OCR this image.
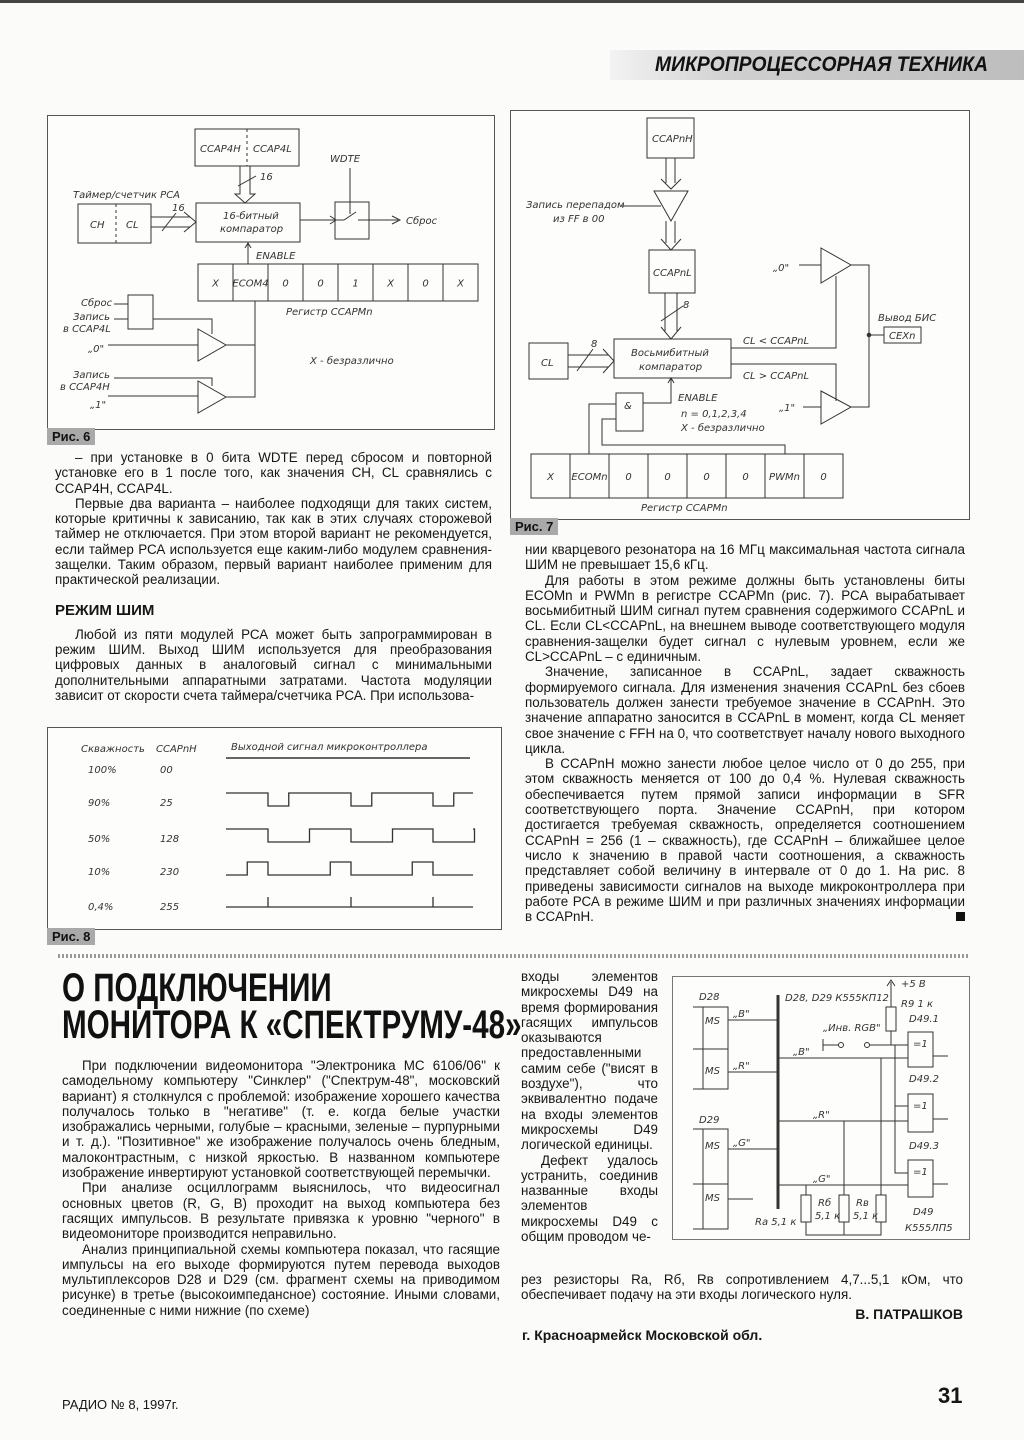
МИКРОПРОЦЕССОРНАЯ ТЕХНИКА
CCAP4H CCAP4L
16
WDTE
Таймер/счетчик РСА
CH CL
16
16-битный
компаратор
Сброс
ENABLE
X ECOM4 0	0	1	X	0	X
Регистр CCAPMn
Сброс
Запись
в CCAP4L
„0"
Запись
в CCAP4H
„1"
X - безразлично
Рис. 6
CCAPnH
Запись перепадом
из FF в 00
CCAPnL
8
CL
8
Восьмибитный
компаратор
CL < CCAPnL
CL > CCAPnL
„0"
„1"
Вывод БИС
CEXn
&
ENABLE
n = 0,1,2,3,4
X - безразлично
X ECOMn 0	0	0	0 PWMn 0
Регистр CCAPMn
Рис. 7

– при установке в 0 бита WDTE перед сбросом и повторной установке его в 1 после того, как значения CH, CL сравнялись с CCAP4H, CCAP4L.

Первые два варианта – наиболее подходящи для таких систем, которые критичны к зависанию, так как в этих случаях сторожевой таймер не отключается. При этом второй вариант не рекомендуется, если таймер РСА используется еще каким-либо модулем сравнения-защелки. Таким образом, первый вариант наиболее применим для практической реализации.

РЕЖИМ ШИМ

Любой из пяти модулей РСА может быть запрограммирован в режим ШИМ. Выход ШИМ используется для преобразования цифровых данных в аналоговый сигнал с минимальными дополнительными аппаратными затратами. Частота модуляции зависит от скорости счета таймера/счетчика РСА. При использова-

Скважность CCAPnH	Выходной сигнал микроконтроллера
100%	00
90%	25
50%	128
10%	230
0,4%	255
Рис. 8

нии кварцевого резонатора на 16 МГц максимальная частота сигнала ШИМ не превышает 15,6 кГц.

Для работы в этом режиме должны быть установлены биты ECOMn и PWMn в регистре CCAPMn (рис. 7). РСА вырабатывает восьмибитный ШИМ сигнал путем сравнения содержимого CCAPnL и CL. Если CL<CCAPnL, на внешнем выводе соответствующего модуля сравнения-защелки будет сигнал с нулевым уровнем, если же CL>CCAPnL – с единичным.

Значение, записанное в CCAPnL, задает скважность формируемого сигнала. Для изменения значения CCAPnL без сбоев пользователь должен занести требуемое значение в CCAPnH. Это значение аппаратно заносится в CCAPnL в момент, когда CL меняет свое значение с FFH на 0, что соответствует началу нового выходного цикла.

В CCAPnH можно занести любое целое число от 0 до 255, при этом скважность меняется от 100 до 0,4 %. Нулевая скважность обеспечивается путем прямой записи информации в SFR соответствующего порта. Значение CCAPnH, при котором достигается требуемая скважность, определяется соотношением CCAPnH = 256 (1 – скважность), где CCAPnH – ближайшее целое число к значению в правой части соотношения, а скважность представляет собой величину в интервале от 0 до 1. На рис. 8 приведены зависимости сигналов на выходе микроконтроллера при работе РСА в режиме ШИМ и при различных значениях информации в CCAPnH.

О ПОДКЛЮЧЕНИИ
МОНИТОРА К «СПЕКТРУМУ-48»

При подключении видеомонитора "Электроника МС 6106/06" к самодельному компьютеру "Синклер" ("Спектрум-48", московский вариант) я столкнулся с проблемой: изображение хорошего качества получалось только в "негативе" (т. е. когда белые участки изображались черными, голубые – красными, зеленые – пурпурными и т. д.). "Позитивное" же изображение получалось очень бледным, малоконтрастным, с низкой яркостью. В названном компьютере изображение инвертируют установкой соответствующей перемычки.

При анализе осциллограмм выяснилось, что видеосигнал основных цветов (R, G, B) проходит на выход компьютера без гасящих импульсов. В результате привязка к уровню "черного" в видеомониторе производится неправильно.

Анализ принципиальной схемы компьютера показал, что гасящие импульсы на его выходе формируются путем перевода выходов мультиплексоров D28 и D29 (см. фрагмент схемы на приводимом рисунке) в третье (высокоимпедансное) состояние. Иными словами, соединенные с ними нижние (по схеме)

входы элементов микросхемы D49 на время формирования гасящих импульсов оказываются предоставленными самим себе ("висят в воздухе"), что эквивалентно подаче на входы элементов микросхемы D49 логической единицы.

Дефект удалось устранить, соединив названные входы элементов микросхемы D49 с общим проводом че-

рез резисторы Rа, Rб, Rв сопротивлением 4,7...5,1 кОм, что обеспечивает подачу на эти входы логического нуля.

В. ПАТРАШКОВ
г. Красноармейск Московской обл.
D28
MS
MS
D29
MS
MS
„B"
„R"
„G"
D28, D29 К555КП12
„B"
„R"
„G"
„Инв. RGB"
+5 В
R9 1 к
D49.1
D49.2
D49.3
=1
=1
=1
Rа 5,1 к
Rб
5,1 к
Rв
5,1 к	D49
К555ЛП5
РАДИО № 8, 1997г.	31
